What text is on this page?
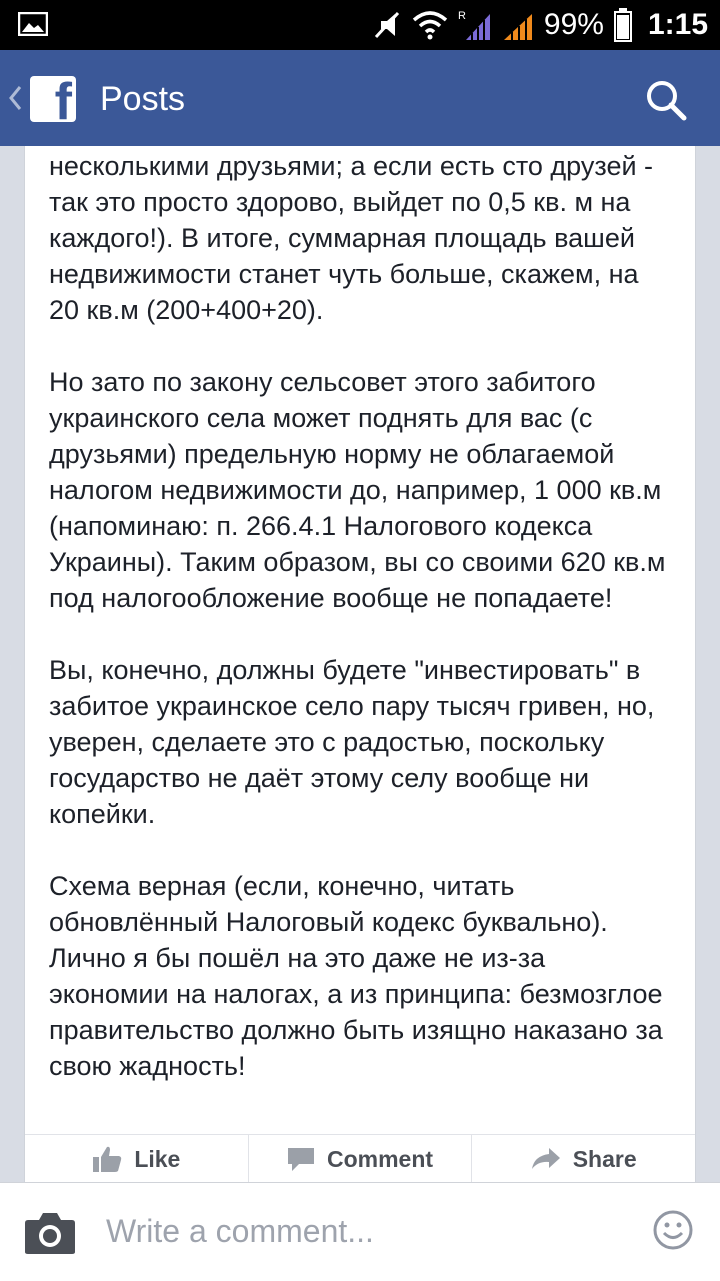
R	99% 1:15
f Posts

несколькими друзьями; а если есть сто друзей - так это просто здорово, выйдет по 0,5 кв. м на каждого!). В итоге, суммарная площадь вашей недвижимости станет чуть больше, скажем, на 20 кв.м (200+400+20).

Но зато по закону сельсовет этого забитого украинского села может поднять для вас (с друзьями) предельную норму не облагаемой налогом недвижимости до, например, 1 000 кв.м (напоминаю: п. 266.4.1 Налогового кодекса Украины). Таким образом, вы со своими 620 кв.м под налогообложение вообще не попадаете!

Вы, конечно, должны будете "инвестировать" в забитое украинское село пару тысяч гривен, но, уверен, сделаете это с радостью, поскольку государство не даёт этому селу вообще ни копейки.

Схема верная (если, конечно, читать обновлённый Налоговый кодекс буквально). Лично я бы пошёл на это даже не из-за экономии на налогах, а из принципа: безмозглое правительство должно быть изящно наказано за свою жадность!

Like	Comment	Share
Write a comment...
